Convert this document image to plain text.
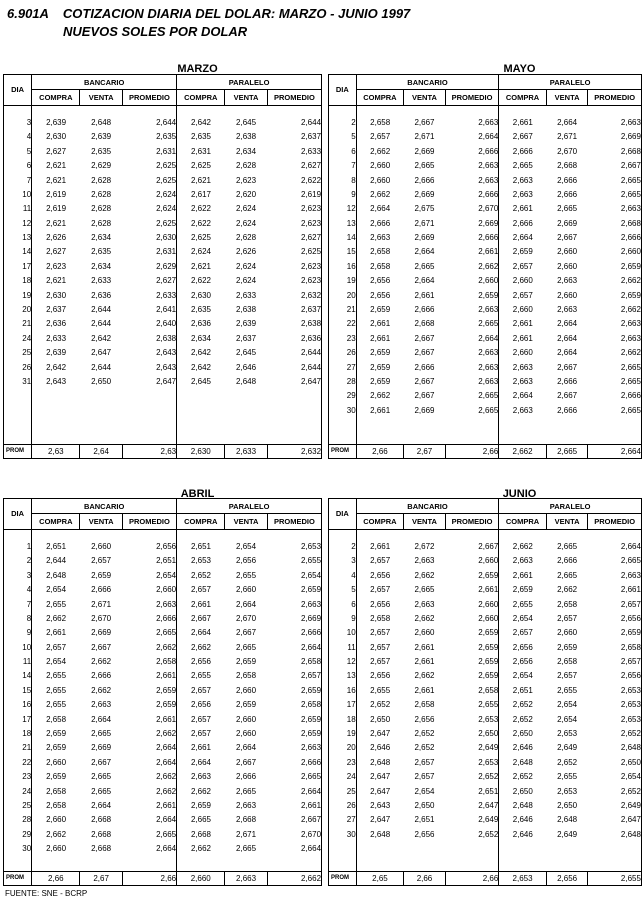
6.901A    COTIZACION DIARIA DEL DOLAR: MARZO - JUNIO 1997
NUEVOS SOLES POR DOLAR
MARZO	MAYO
ABRIL	JUNIO
DIA	BANCARIO			PARALELO		
	COMPRA	VENTA	PROMEDIO	COMPRA	VENTA	PROMEDIO

3	2,639	2,648	2,644	2,642	2,645	2,644
4	2,630	2,639	2,635	2,635	2,638	2,637
5	2,627	2,635	2,631	2,631	2,634	2,633
6	2,621	2,629	2,625	2,625	2,628	2,627
7	2,621	2,628	2,625	2,621	2,623	2,622
10	2,619	2,628	2,624	2,617	2,620	2,619
11	2,619	2,628	2,624	2,622	2,624	2,623
12	2,621	2,628	2,625	2,622	2,624	2,623
13	2,626	2,634	2,630	2,625	2,628	2,627
14	2,627	2,635	2,631	2,624	2,626	2,625
17	2,623	2,634	2,629	2,621	2,624	2,623
18	2,621	2,633	2,627	2,622	2,624	2,623
19	2,630	2,636	2,633	2,630	2,633	2,632
20	2,637	2,644	2,641	2,635	2,638	2,637
21	2,636	2,644	2,640	2,636	2,639	2,638
24	2,633	2,642	2,638	2,634	2,637	2,636
25	2,639	2,647	2,643	2,642	2,645	2,644
26	2,642	2,644	2,643	2,642	2,646	2,644
31	2,643	2,650	2,647	2,645	2,648	2,647

PROM	2,63	2,64	2,63	2,630	2,633	2,632
DIA	BANCARIO			PARALELO		
	COMPRA	VENTA	PROMEDIO	COMPRA	VENTA	PROMEDIO

2	2,658	2,667	2,663	2,661	2,664	2,663
5	2,657	2,671	2,664	2,667	2,671	2,669
6	2,662	2,669	2,666	2,666	2,670	2,668
7	2,660	2,665	2,663	2,665	2,668	2,667
8	2,660	2,666	2,663	2,663	2,666	2,665
9	2,662	2,669	2,666	2,663	2,666	2,665
12	2,664	2,675	2,670	2,661	2,665	2,663
13	2,666	2,671	2,669	2,666	2,669	2,668
14	2,663	2,669	2,666	2,664	2,667	2,666
15	2,658	2,664	2,661	2,659	2,660	2,660
16	2,658	2,665	2,662	2,657	2,660	2,659
19	2,656	2,664	2,660	2,660	2,663	2,662
20	2,656	2,661	2,659	2,657	2,660	2,659
21	2,659	2,666	2,663	2,660	2,663	2,662
22	2,661	2,668	2,665	2,661	2,664	2,663
23	2,661	2,667	2,664	2,661	2,664	2,663
26	2,659	2,667	2,663	2,660	2,664	2,662
27	2,659	2,666	2,663	2,663	2,667	2,665
28	2,659	2,667	2,663	2,663	2,666	2,665
29	2,662	2,667	2,665	2,664	2,667	2,666
30	2,661	2,669	2,665	2,663	2,666	2,665

PROM	2,66	2,67	2,66	2,662	2,665	2,664
DIA	BANCARIO			PARALELO		
	COMPRA	VENTA	PROMEDIO	COMPRA	VENTA	PROMEDIO

1	2,651	2,660	2,656	2,651	2,654	2,653
2	2,644	2,657	2,651	2,653	2,656	2,655
3	2,648	2,659	2,654	2,652	2,655	2,654
4	2,654	2,666	2,660	2,657	2,660	2,659
7	2,655	2,671	2,663	2,661	2,664	2,663
8	2,662	2,670	2,666	2,667	2,670	2,669
9	2,661	2,669	2,665	2,664	2,667	2,666
10	2,657	2,667	2,662	2,662	2,665	2,664
11	2,654	2,662	2,658	2,656	2,659	2,658
14	2,655	2,666	2,661	2,655	2,658	2,657
15	2,655	2,662	2,659	2,657	2,660	2,659
16	2,655	2,663	2,659	2,656	2,659	2,658
17	2,658	2,664	2,661	2,657	2,660	2,659
18	2,659	2,665	2,662	2,657	2,660	2,659
21	2,659	2,669	2,664	2,661	2,664	2,663
22	2,660	2,667	2,664	2,664	2,667	2,666
23	2,659	2,665	2,662	2,663	2,666	2,665
24	2,658	2,665	2,662	2,662	2,665	2,664
25	2,658	2,664	2,661	2,659	2,663	2,661
28	2,660	2,668	2,664	2,665	2,668	2,667
29	2,662	2,668	2,665	2,668	2,671	2,670
30	2,660	2,668	2,664	2,662	2,665	2,664

PROM	2,66	2,67	2,66	2,660	2,663	2,662
DIA	BANCARIO			PARALELO		
	COMPRA	VENTA	PROMEDIO	COMPRA	VENTA	PROMEDIO

2	2,661	2,672	2,667	2,662	2,665	2,664
3	2,657	2,663	2,660	2,663	2,666	2,665
4	2,656	2,662	2,659	2,661	2,665	2,663
5	2,657	2,665	2,661	2,659	2,662	2,661
6	2,656	2,663	2,660	2,655	2,658	2,657
9	2,658	2,662	2,660	2,654	2,657	2,656
10	2,657	2,660	2,659	2,657	2,660	2,659
11	2,657	2,661	2,659	2,656	2,659	2,658
12	2,657	2,661	2,659	2,656	2,658	2,657
13	2,656	2,662	2,659	2,654	2,657	2,656
16	2,655	2,661	2,658	2,651	2,655	2,653
17	2,652	2,658	2,655	2,652	2,654	2,653
18	2,650	2,656	2,653	2,652	2,654	2,653
19	2,647	2,652	2,650	2,650	2,653	2,652
20	2,646	2,652	2,649	2,646	2,649	2,648
23	2,648	2,657	2,653	2,648	2,652	2,650
24	2,647	2,657	2,652	2,652	2,655	2,654
25	2,647	2,654	2,651	2,650	2,653	2,652
26	2,643	2,650	2,647	2,648	2,650	2,649
27	2,647	2,651	2,649	2,646	2,648	2,647
30	2,648	2,656	2,652	2,646	2,649	2,648

PROM	2,65	2,66	2,66	2,653	2,656	2,655
FUENTE: SNE - BCRP
